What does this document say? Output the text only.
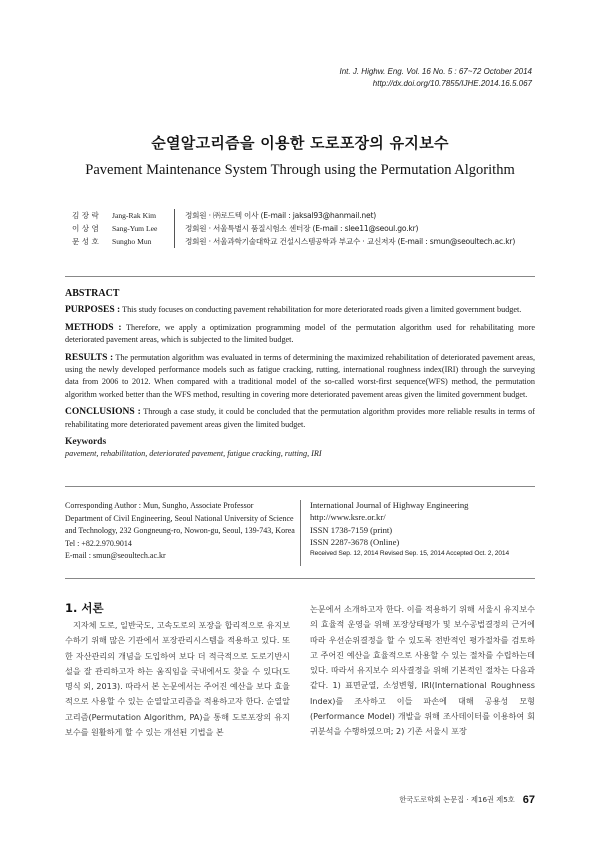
Int. J. Highw. Eng. Vol. 16 No. 5 : 67~72 October 2014
http://dx.doi.org/10.7855/IJHE.2014.16.5.067
순열알고리즘을 이용한 도로포장의 유지보수
Pavement Maintenance System Through using the Permutation Algorithm
김 장 락	Jang-Rak Kim	정회원 · ㈜로드텍 이사 (E-mail : jaksal93@hanmail.net)
이 상 염	Sang-Yum Lee	정회원 · 서울특별시 품질시험소 센터장 (E-mail : slee11@seoul.go.kr)
문 성 호	Sungho Mun	정회원 · 서울과학기술대학교 건설시스템공학과 부교수 · 교신저자 (E-mail : smun@seoultech.ac.kr)
ABSTRACT

PURPOSES : This study focuses on conducting pavement rehabilitation for more deteriorated roads given a limited government budget.

METHODS : Therefore, we apply a optimization programming model of the permutation algorithm used for rehabilitating more deteriorated pavement areas, which is subjected to the limited budget.

RESULTS : The permutation algorithm was evaluated in terms of determining the maximized rehabilitation of deteriorated pavement areas, using the newly developed performance models such as fatigue cracking, rutting, international roughness index(IRI) through the surveying data from 2006 to 2012. When compared with a traditional model of the so-called worst-first sequence(WFS) method, the permutation algorithm worked better than the WFS method, resulting in covering more deteriorated pavement areas given the limited government budget.

CONCLUSIONS : Through a case study, it could be concluded that the permutation algorithm provides more reliable results in terms of rehabilitating more deteriorated pavement areas given the limited budget.

Keywords
pavement, rehabilitation, deteriorated pavement, fatigue cracking, rutting, IRI
Corresponding Author : Mun, Sungho, Associate Professor
Department of Civil Engineering, Seoul National University of Science
and Technology, 232 Gongneung-ro, Nowon-gu, Seoul, 139-743, Korea
Tel : +82.2.970.9014
E-mail : smun@seoultech.ac.kr
International Journal of Highway Engineering
http://www.ksre.or.kr/
ISSN 1738-7159 (print)
ISSN 2287-3678 (Online)
Received Sep. 12, 2014 Revised Sep. 15, 2014 Accepted Oct. 2, 2014
1. 서론

지자체 도로, 일반국도, 고속도로의 포장을 합리적으로 유지보수하기 위해 많은 기관에서 포장관리시스템을 적용하고 있다. 또한 자산관리의 개념을 도입하여 보다 더 적극적으로 도로기반시설을 잘 관리하고자 하는 움직임을 국내에서도 찾을 수 있다(도명식 외, 2013). 따라서 본 논문에서는 주어진 예산을 보다 효율적으로 사용할 수 있는 순열알고리즘을 적용하고자 한다. 순열알고리즘(Permutation Algorithm, PA)을 통해 도로포장의 유지보수를 원활하게 할 수 있는 개선된 기법을 본

논문에서 소개하고자 한다. 이를 적용하기 위해 서울시 유지보수의 효율적 운영을 위해 포장상태평가 및 보수공법결정의 근거에 따라 우선순위결정을 할 수 있도록 전반적인 평가절차를 검토하고 주어진 예산을 효율적으로 사용할 수 있는 절차를 수립하는데 있다. 따라서 유지보수 의사결정을 위해 기본적인 절차는 다음과 같다. 1) 표면균열, 소성변형, IRI(International Roughness Index)를 조사하고 이들 파손에 대해 공용성 모형(Performance Model) 개발을 위해 조사데이터를 이용하여 회귀분석을 수행하였으며; 2) 기존 서울시 포장

한국도로학회 논문집 · 제16권 제5호 67
